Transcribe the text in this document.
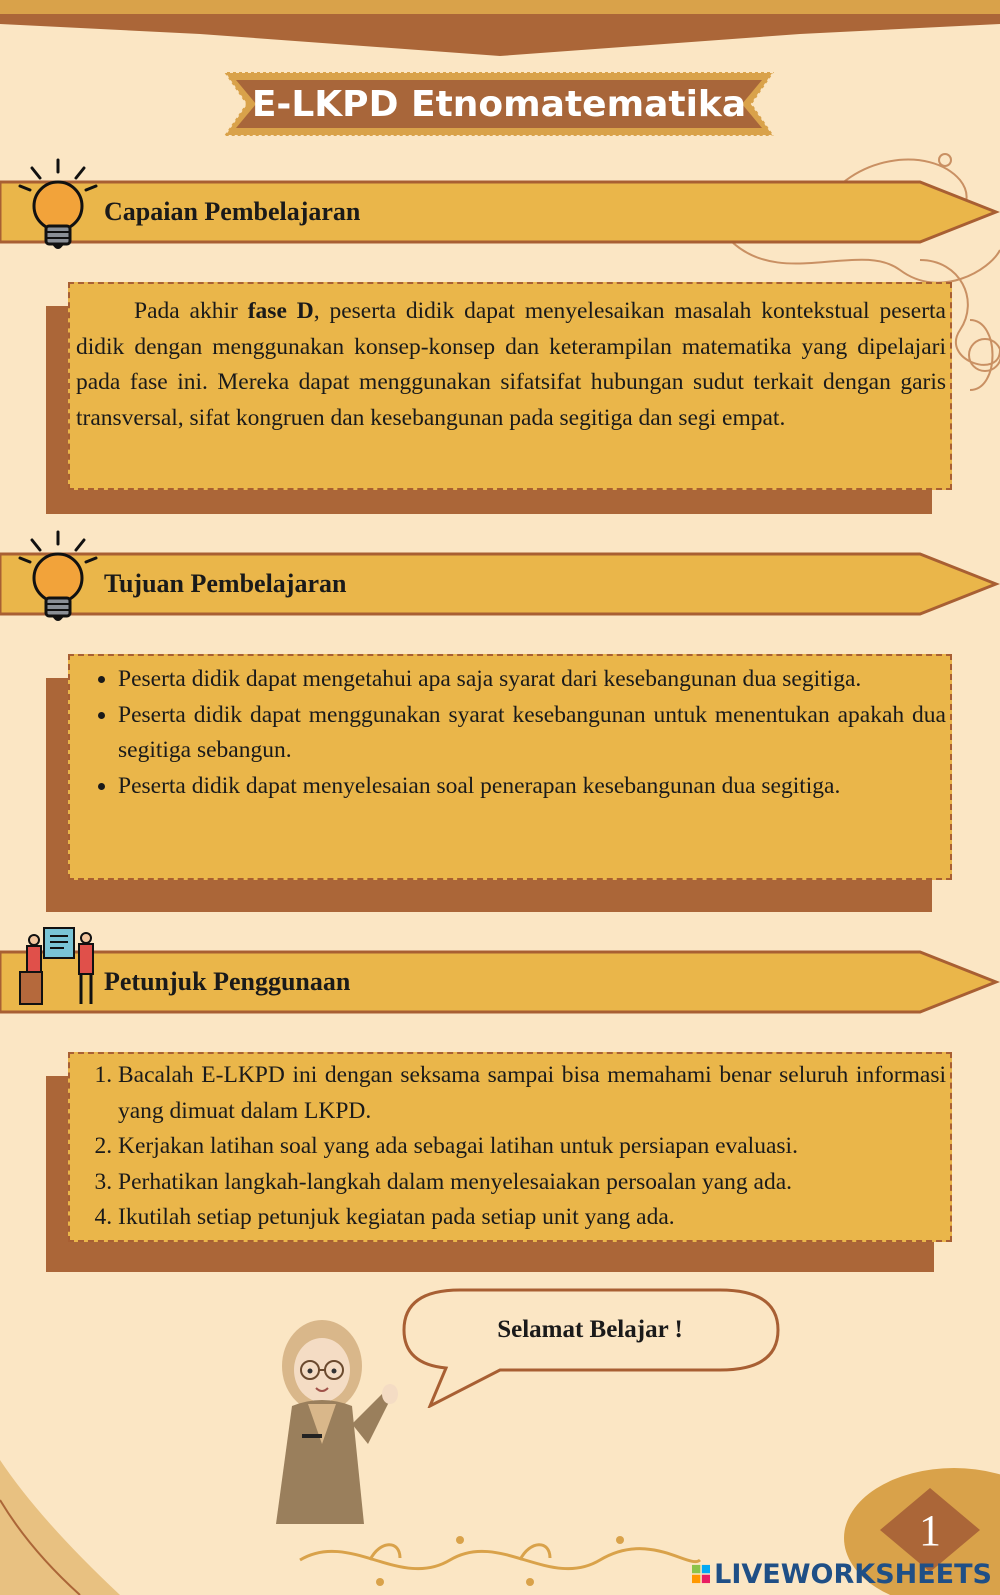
E-LKPD Etnomatematika
Capaian Pembelajaran

Pada akhir fase D, peserta didik dapat menyelesaikan masalah kontekstual peserta didik dengan menggunakan konsep-konsep dan keterampilan matematika yang dipelajari pada fase ini. Mereka dapat menggunakan sifatsifat hubungan sudut terkait dengan garis transversal, sifat kongruen dan kesebangunan pada segitiga dan segi empat.

Tujuan Pembelajaran
• Peserta didik dapat mengetahui apa saja syarat dari kesebangunan dua segitiga.
• Peserta didik dapat menggunakan syarat kesebangunan untuk menentukan apakah dua segitiga sebangun.
• Peserta didik dapat menyelesaian soal penerapan kesebangunan dua segitiga.
Petunjuk Penggunaan
1. Bacalah E-LKPD ini dengan seksama sampai bisa memahami benar seluruh informasi yang dimuat dalam LKPD.
2. Kerjakan latihan soal yang ada sebagai latihan untuk persiapan evaluasi.
3. Perhatikan langkah-langkah dalam menyelesaiakan persoalan yang ada.
4. Ikutilah setiap petunjuk kegiatan pada setiap unit yang ada.
Selamat Belajar !
1
LIVEWORKSHEETS
